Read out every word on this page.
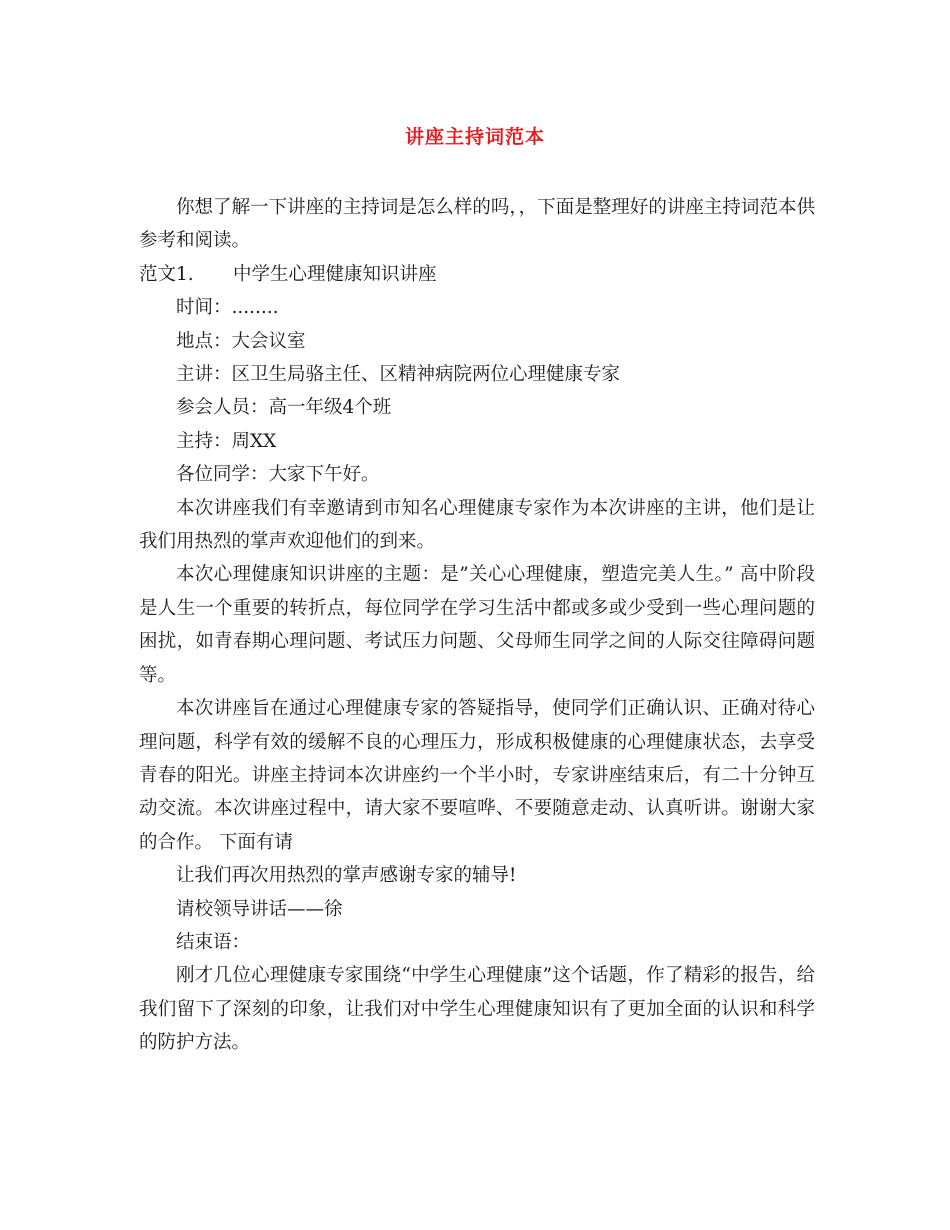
讲座主持词范本

你想了解一下讲座的主持词是怎么样的吗，，下面是整理好的讲座主持词范本供参考和阅读。

范文1. 中学生心理健康知识讲座

时间：........

地点：大会议室

主讲：区卫生局骆主任、区精神病院两位心理健康专家

参会人员：高一年级4个班

主持：周XX

各位同学：大家下午好。

本次讲座我们有幸邀请到市知名心理健康专家作为本次讲座的主讲，他们是让我们用热烈的掌声欢迎他们的到来。

本次心理健康知识讲座的主题：是”关心心理健康，塑造完美人生。” 高中阶段是人生一个重要的转折点，每位同学在学习生活中都或多或少受到一些心理问题的困扰，如青春期心理问题、考试压力问题、父母师生同学之间的人际交往障碍问题等。

本次讲座旨在通过心理健康专家的答疑指导，使同学们正确认识、正确对待心理问题，科学有效的缓解不良的心理压力，形成积极健康的心理健康状态，去享受青春的阳光。讲座主持词本次讲座约一个半小时，专家讲座结束后，有二十分钟互动交流。本次讲座过程中，请大家不要喧哗、不要随意走动、认真听讲。谢谢大家的合作。 下面有请

让我们再次用热烈的掌声感谢专家的辅导!

请校领导讲话——徐

结束语：

刚才几位心理健康专家围绕“中学生心理健康”这个话题，作了精彩的报告，给我们留下了深刻的印象，让我们对中学生心理健康知识有了更加全面的认识和科学的防护方法。
